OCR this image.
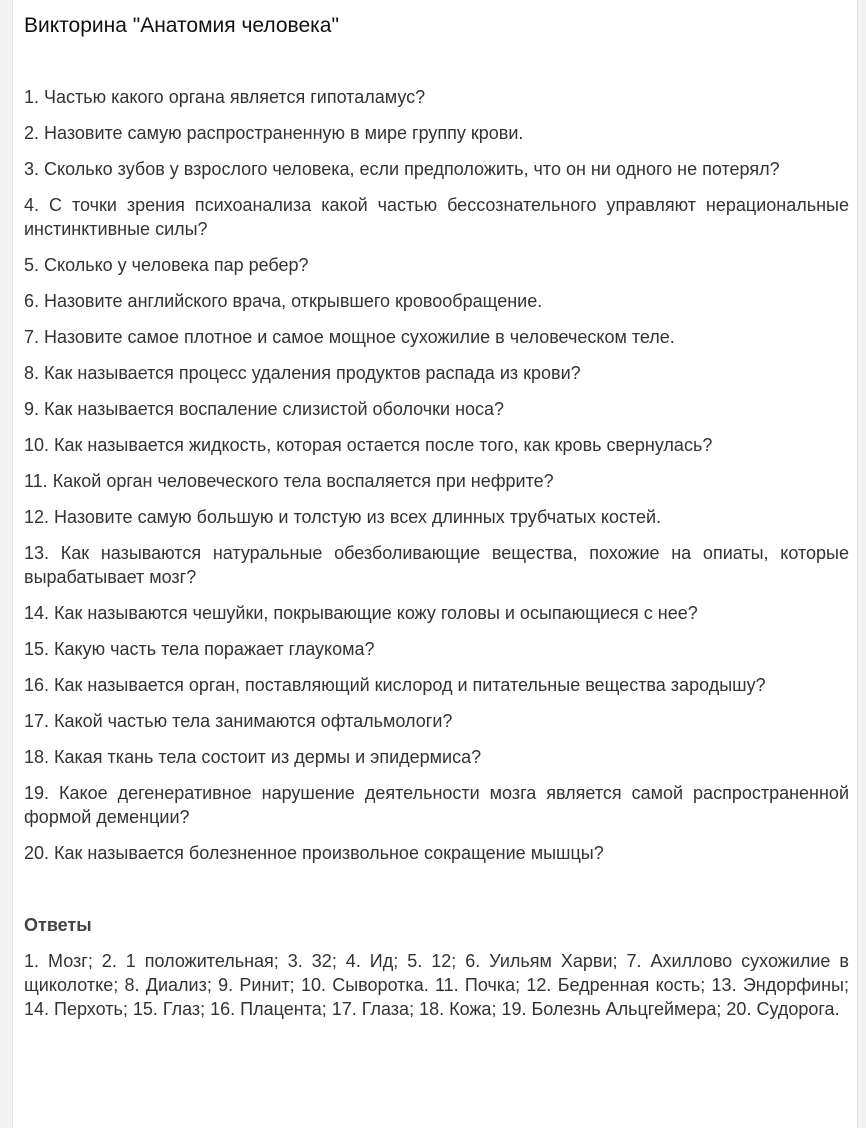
Викторина "Анатомия человека"

1. Частью какого органа является гипоталамус?

2. Назовите самую распространенную в мире группу крови.

3. Сколько зубов у взрослого человека, если предположить, что он ни одного не потерял?

4. С точки зрения психоанализа какой частью бессознательного управляют нерациональные инстинктивные силы?

5. Сколько у человека пар ребер?

6. Назовите английского врача, открывшего кровообращение.

7. Назовите самое плотное и самое мощное сухожилие в человеческом теле.

8. Как называется процесс удаления продуктов распада из крови?

9. Как называется воспаление слизистой оболочки носа?

10. Как называется жидкость, которая остается после того, как кровь свернулась?

11. Какой орган человеческого тела воспаляется при нефрите?

12. Назовите самую большую и толстую из всех длинных трубчатых костей.

13. Как называются натуральные обезболивающие вещества, похожие на опиаты, которые вырабатывает мозг?

14. Как называются чешуйки, покрывающие кожу головы и осыпающиеся с нее?

15. Какую часть тела поражает глаукома?

16. Как называется орган, поставляющий кислород и питательные вещества зародышу?

17. Какой частью тела занимаются офтальмологи?

18. Какая ткань тела состоит из дермы и эпидермиса?

19. Какое дегенеративное нарушение деятельности мозга является самой распространенной формой деменции?

20. Как называется болезненное произвольное сокращение мышцы?

Ответы

1. Мозг; 2. 1 положительная; 3. 32; 4. Ид; 5. 12; 6. Уильям Харви; 7. Ахиллово сухожилие в щиколотке; 8. Диализ; 9. Ринит; 10. Сыворотка. 11. Почка; 12. Бедренная кость; 13. Эндорфины; 14. Перхоть; 15. Глаз; 16. Плацента; 17. Глаза; 18. Кожа; 19. Болезнь Альцгеймера; 20. Судорога.
